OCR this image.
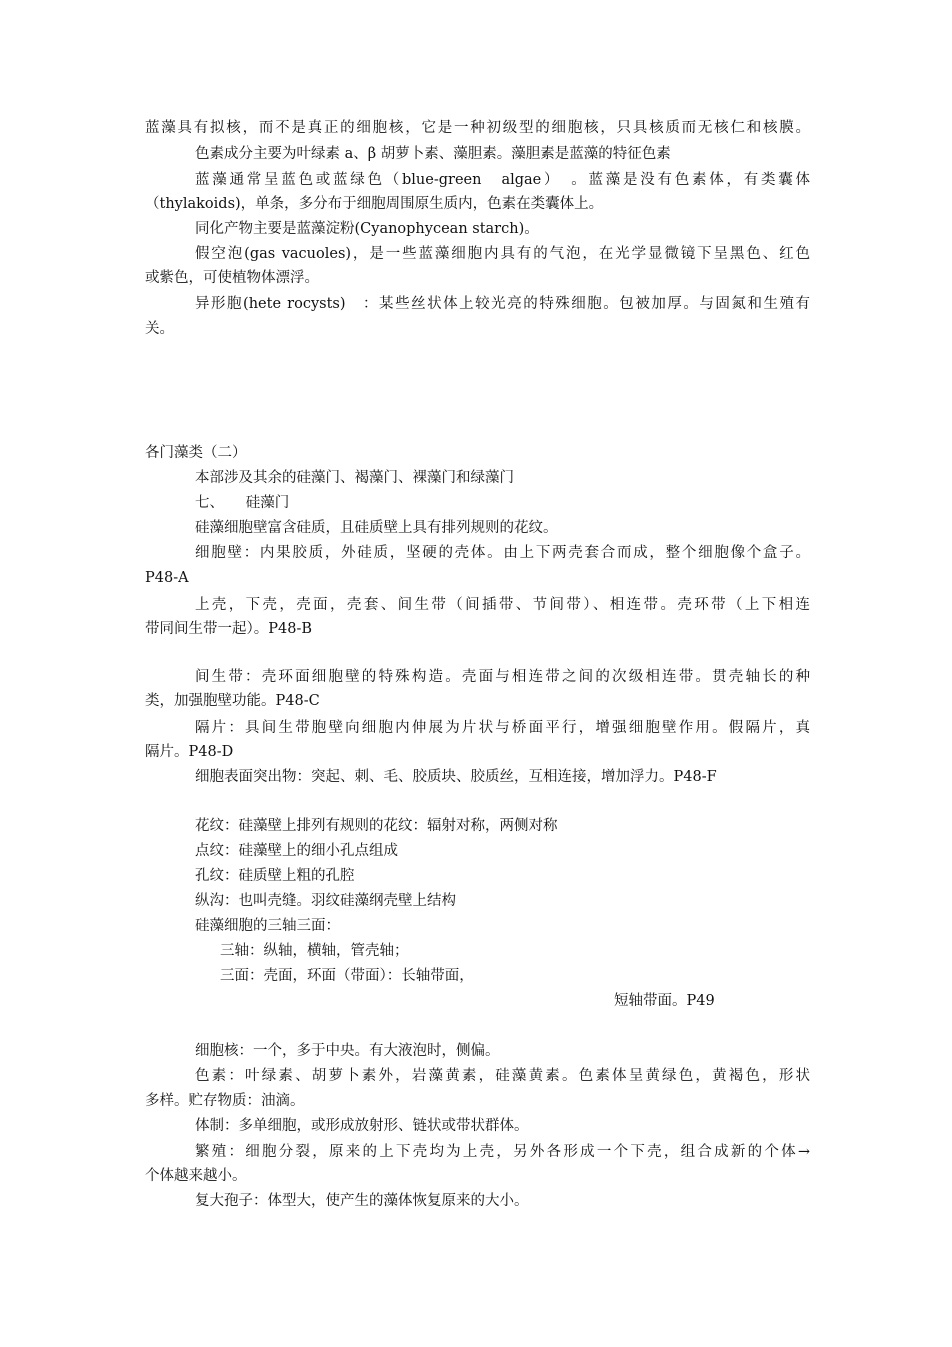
蓝藻具有拟核，而不是真正的细胞核，它是一种初级型的细胞核，只具核质而无核仁和核膜。
色素成分主要为叶绿素 a、β 胡萝卜素、藻胆素。藻胆素是蓝藻的特征色素
蓝藻通常呈蓝色或蓝绿色（blue-green　algae）　。蓝藻是没有色素体，有类囊体
（thylakoids)，单条，多分布于细胞周围原生质内，色素在类囊体上。
同化产物主要是蓝藻淀粉(Cyanophycean starch)。
假空泡(gas vacuoles)，是一些蓝藻细胞内具有的气泡，在光学显微镜下呈黑色、红色
或紫色，可使植物体漂浮。
异形胞(hete rocysts)　：某些丝状体上较光亮的特殊细胞。包被加厚。与固氮和生殖有
关。
各门藻类（二）
本部涉及其余的硅藻门、褐藻门、裸藻门和绿藻门
七、　　硅藻门
硅藻细胞壁富含硅质，且硅质壁上具有排列规则的花纹。
细胞壁：内果胶质，外硅质，坚硬的壳体。由上下两壳套合而成，整个细胞像个盒子。
P48-A
上壳，下壳，壳面，壳套、间生带（间插带、节间带）、相连带。壳环带（上下相连
带同间生带一起）。P48-B
间生带：壳环面细胞壁的特殊构造。壳面与相连带之间的次级相连带。贯壳轴长的种
类，加强胞壁功能。P48-C
隔片：具间生带胞壁向细胞内伸展为片状与桥面平行，增强细胞壁作用。假隔片，真
隔片。P48-D
细胞表面突出物：突起、刺、毛、胶质块、胶质丝，互相连接，增加浮力。P48-F
花纹：硅藻壁上排列有规则的花纹：辐射对称，两侧对称
点纹：硅藻壁上的细小孔点组成
孔纹：硅质壁上粗的孔腔
纵沟：也叫壳缝。羽纹硅藻纲壳壁上结构
硅藻细胞的三轴三面：
三轴：纵轴，横轴，管壳轴；
三面：壳面，环面（带面）：长轴带面，
短轴带面。P49
细胞核：一个，多于中央。有大液泡时，侧偏。
色素：叶绿素、胡萝卜素外，岩藻黄素，硅藻黄素。色素体呈黄绿色，黄褐色，形状
多样。贮存物质：油滴。
体制：多单细胞，或形成放射形、链状或带状群体。
繁殖：细胞分裂，原来的上下壳均为上壳，另外各形成一个下壳，组合成新的个体→
个体越来越小。
复大孢子：体型大，使产生的藻体恢复原来的大小。
